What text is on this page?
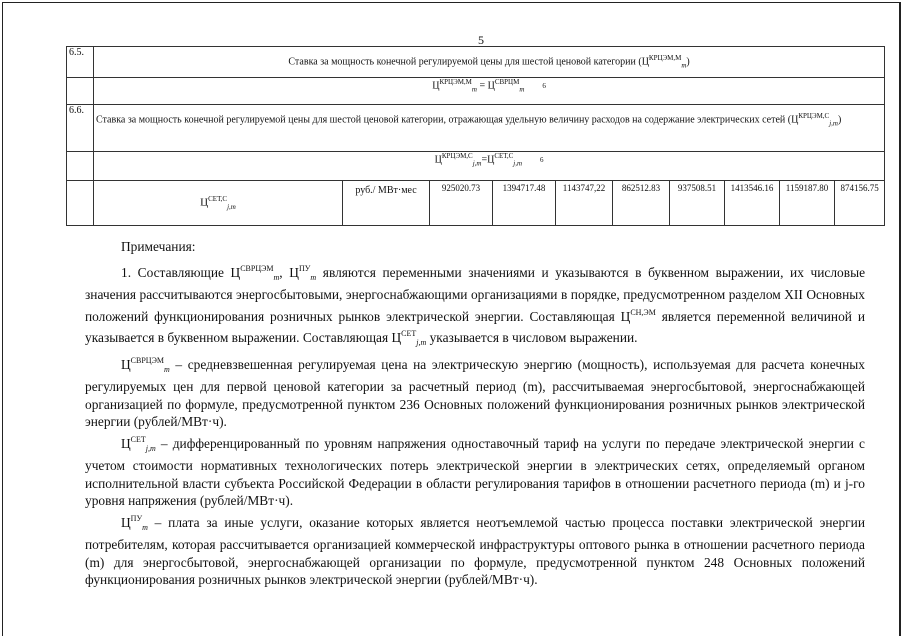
5
6.5.	Ставка за мощность конечной регулируемой цены для шестой ценовой категории $(Ц^{КРЦЭМ,М}_m)$									
	$Ц^{КРЦЭМ,М}_m = Ц^{СВРЦМ}_m$ 6									
6.6.	Ставка за мощность конечной регулируемой цены для шестой ценовой категории, отражающая удельную величину расходов на содержание электрических сетей $(Ц^{КРЦЭМ,С}_{j,m})$									
	$Ц^{КРЦЭМ,С}_{j,m}=Ц^{СЕТ,С}_{j,m}$ 6									
	$Ц^{СЕТ,С}_{j,m}$	руб./ МВт·мес	925020.73	1394717.48	1143747,22	862512.83	937508.51	1413546.16	1159187.80	874156.75

Примечания:

1. Составляющие $Ц^{СВРЦЭМ}_m$, $Ц^{ПУ}_m$ являются переменными значениями и указываются в буквенном выражении, их числовые значения рассчитываются энергосбытовыми, энергоснабжающими организациями в порядке, предусмотренном разделом XII Основных положений функционирования розничных рынков электрической энергии. Составляющая $Ц^{СН,ЭМ}$ является переменной величиной и указывается в буквенном выражении. Составляющая $Ц^{СЕТ}_{j,m}$ указывается в числовом выражении.

$Ц^{СВРЦЭМ}_m$ – средневзвешенная регулируемая цена на электрическую энергию (мощность), используемая для расчета конечных регулируемых цен для первой ценовой категории за расчетный период (m), рассчитываемая энергосбытовой, энергоснабжающей организацией по формуле, предусмотренной пунктом 236 Основных положений функционирования розничных рынков электрической энергии (рублей/МВт·ч).

$Ц^{СЕТ}_{j,m}$ – дифференцированный по уровням напряжения одноставочный тариф на услуги по передаче электрической энергии с учетом стоимости нормативных технологических потерь электрической энергии в электрических сетях, определяемый органом исполнительной власти субъекта Российской Федерации в области регулирования тарифов в отношении расчетного периода (m) и j-го уровня напряжения (рублей/МВт·ч).

$Ц^{ПУ}_m$ – плата за иные услуги, оказание которых является неотъемлемой частью процесса поставки электрической энергии потребителям, которая рассчитывается организацией коммерческой инфраструктуры оптового рынка в отношении расчетного периода (m) для энергосбытовой, энергоснабжающей организации по формуле, предусмотренной пунктом 248 Основных положений функционирования розничных рынков электрической энергии (рублей/МВт·ч).
